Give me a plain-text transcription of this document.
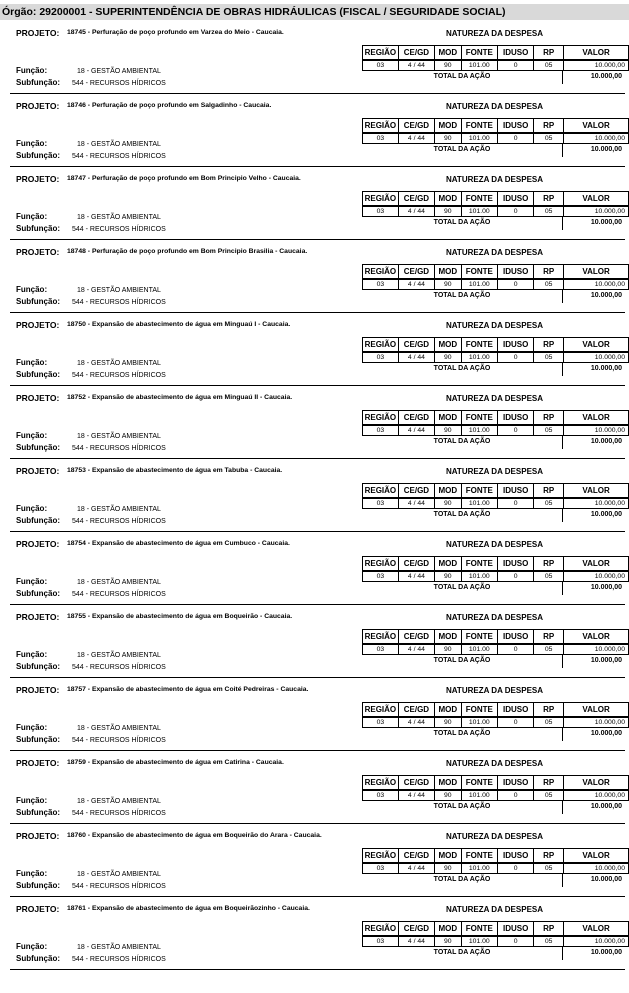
Órgão: 29200001 - SUPERINTENDÊNCIA DE OBRAS HIDRÁULICAS (FISCAL / SEGURIDADE SOCIAL)
PROJETO: 18745 - Perfuração de poço profundo em Varzea do Meio - Caucaia.	NATUREZA DA DESPESA
REGIÃO	CE/GD	MOD	FONTE	IDUSO	RP	VALOR
03	4 / 44	90	101.00	0	05	10.000,00
TOTAL DA AÇÃO	10.000,00
Função:	18 - GESTÃO AMBIENTAL
Subfunção: 544 - RECURSOS HÍDRICOS
PROJETO: 18746 - Perfuração de poço profundo em Salgadinho - Caucaia.	NATUREZA DA DESPESA
REGIÃO	CE/GD	MOD	FONTE	IDUSO	RP	VALOR
03	4 / 44	90	101.00	0	05	10.000,00
TOTAL DA AÇÃO	10.000,00
Função:	18 - GESTÃO AMBIENTAL
Subfunção: 544 - RECURSOS HÍDRICOS
PROJETO: 18747 - Perfuração de poço profundo em Bom Principio Velho - Caucaia.	NATUREZA DA DESPESA
REGIÃO	CE/GD	MOD	FONTE	IDUSO	RP	VALOR
03	4 / 44	90	101.00	0	05	10.000,00
TOTAL DA AÇÃO	10.000,00
Função:	18 - GESTÃO AMBIENTAL
Subfunção: 544 - RECURSOS HÍDRICOS
PROJETO: 18748 - Perfuração de poço profundo em Bom Principio Brasilia - Caucaia.	NATUREZA DA DESPESA
REGIÃO	CE/GD	MOD	FONTE	IDUSO	RP	VALOR
03	4 / 44	90	101.00	0	05	10.000,00
TOTAL DA AÇÃO	10.000,00
Função:	18 - GESTÃO AMBIENTAL
Subfunção: 544 - RECURSOS HÍDRICOS
PROJETO: 18750 - Expansão de abastecimento de água em Minguaú I - Caucaia.	NATUREZA DA DESPESA
REGIÃO	CE/GD	MOD	FONTE	IDUSO	RP	VALOR
03	4 / 44	90	101.00	0	05	10.000,00
TOTAL DA AÇÃO	10.000,00
Função:	18 - GESTÃO AMBIENTAL
Subfunção: 544 - RECURSOS HÍDRICOS
PROJETO: 18752 - Expansão de abastecimento de água em Minguaú II - Caucaia.	NATUREZA DA DESPESA
REGIÃO	CE/GD	MOD	FONTE	IDUSO	RP	VALOR
03	4 / 44	90	101.00	0	05	10.000,00
TOTAL DA AÇÃO	10.000,00
Função:	18 - GESTÃO AMBIENTAL
Subfunção: 544 - RECURSOS HÍDRICOS
PROJETO: 18753 - Expansão de abastecimento de água em Tabuba - Caucaia.	NATUREZA DA DESPESA
REGIÃO	CE/GD	MOD	FONTE	IDUSO	RP	VALOR
03	4 / 44	90	101.00	0	05	10.000,00
TOTAL DA AÇÃO	10.000,00
Função:	18 - GESTÃO AMBIENTAL
Subfunção: 544 - RECURSOS HÍDRICOS
PROJETO: 18754 - Expansão de abastecimento de água em Cumbuco - Caucaia.	NATUREZA DA DESPESA
REGIÃO	CE/GD	MOD	FONTE	IDUSO	RP	VALOR
03	4 / 44	90	101.00	0	05	10.000,00
TOTAL DA AÇÃO	10.000,00
Função:	18 - GESTÃO AMBIENTAL
Subfunção: 544 - RECURSOS HÍDRICOS
PROJETO: 18755 - Expansão de abastecimento de água em Boqueirão - Caucaia.	NATUREZA DA DESPESA
REGIÃO	CE/GD	MOD	FONTE	IDUSO	RP	VALOR
03	4 / 44	90	101.00	0	05	10.000,00
TOTAL DA AÇÃO	10.000,00
Função:	18 - GESTÃO AMBIENTAL
Subfunção: 544 - RECURSOS HÍDRICOS
PROJETO: 18757 - Expansão de abastecimento de água em Coité Pedreiras - Caucaia.	NATUREZA DA DESPESA
REGIÃO	CE/GD	MOD	FONTE	IDUSO	RP	VALOR
03	4 / 44	90	101.00	0	05	10.000,00
TOTAL DA AÇÃO	10.000,00
Função:	18 - GESTÃO AMBIENTAL
Subfunção: 544 - RECURSOS HÍDRICOS
PROJETO: 18759 - Expansão de abastecimento de água em Catirina - Caucaia.	NATUREZA DA DESPESA
REGIÃO	CE/GD	MOD	FONTE	IDUSO	RP	VALOR
03	4 / 44	90	101.00	0	05	10.000,00
TOTAL DA AÇÃO	10.000,00
Função:	18 - GESTÃO AMBIENTAL
Subfunção: 544 - RECURSOS HÍDRICOS
PROJETO: 18760 - Expansão de abastecimento de água em Boqueirão do Arara - Caucaia.	NATUREZA DA DESPESA
REGIÃO	CE/GD	MOD	FONTE	IDUSO	RP	VALOR
03	4 / 44	90	101.00	0	05	10.000,00
TOTAL DA AÇÃO	10.000,00
Função:	18 - GESTÃO AMBIENTAL
Subfunção: 544 - RECURSOS HÍDRICOS
PROJETO: 18761 - Expansão de abastecimento de água em Boqueirãozinho - Caucaia.	NATUREZA DA DESPESA
REGIÃO	CE/GD	MOD	FONTE	IDUSO	RP	VALOR
03	4 / 44	90	101.00	0	05	10.000,00
TOTAL DA AÇÃO	10.000,00
Função:	18 - GESTÃO AMBIENTAL
Subfunção: 544 - RECURSOS HÍDRICOS
